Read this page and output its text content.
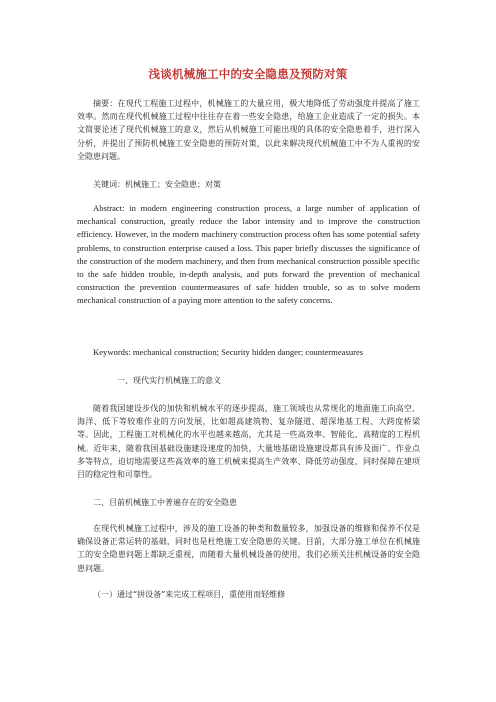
浅谈机械施工中的安全隐患及预防对策

摘要：在现代工程施工过程中，机械施工的大量应用，极大地降低了劳动强度并提高了施工效率。然而在现代机械施工过程中往往存在着一些安全隐患，给施工企业造成了一定的损失。本文简要论述了现代机械施工的意义，然后从机械施工可能出现的具体的安全隐患着手，进行深入分析，并提出了预防机械施工安全隐患的预防对策，以此来解决现代机械施工中不为人重视的安全隐患问题。

关键词：机械施工；安全隐患；对策

Abstract: in modern engineering construction process, a large number of application of mechanical construction, greatly reduce the labor intensity and to improve the construction efficiency. However, in the modern machinery construction process often has some potential safety problems, to construction enterprise caused a loss. This paper briefly discusses the significance of the construction of the modern machinery, and then from mechanical construction possible specific to the safe hidden trouble, in-depth analysis, and puts forward the prevention of mechanical construction the prevention countermeasures of safe hidden trouble, so as to solve modern mechanical construction of a paying more attention to the safety concerns.

Keywords: mechanical construction; Security hidden danger; countermeasures
一、现代实行机械施工的意义

随着我国建设步伐的加快和机械水平的逐步提高，施工领域也从常规化的地面施工向高空、海洋、低下等较难作业的方向发展，比如超高建筑物、复杂隧道、超深地基工程、大跨度桥梁等。因此，工程施工对机械化的水平也越来越高，尤其是一些高效率、智能化、高精度的工程机械。近年来，随着我国基础设施建设速度的加快，大量地基础设施建设都具有涉及面广、作业点多等特点，迫切地需要这些高效率的施工机械来提高生产效率、降低劳动强度，同时保障在建项目的稳定性和可靠性。

二、目前机械施工中普遍存在的安全隐患

在现代机械施工过程中，涉及的施工设备的种类和数量较多，加强设备的维修和保养不仅是确保设备正常运转的基础，同时也是杜绝施工安全隐患的关键。目前，大部分施工单位在机械施工的安全隐患问题上都缺乏重视，而随着大量机械设备的使用，我们必须关注机械设备的安全隐患问题。

（一）通过“拼设备”来完成工程项目，重使用而轻维修
